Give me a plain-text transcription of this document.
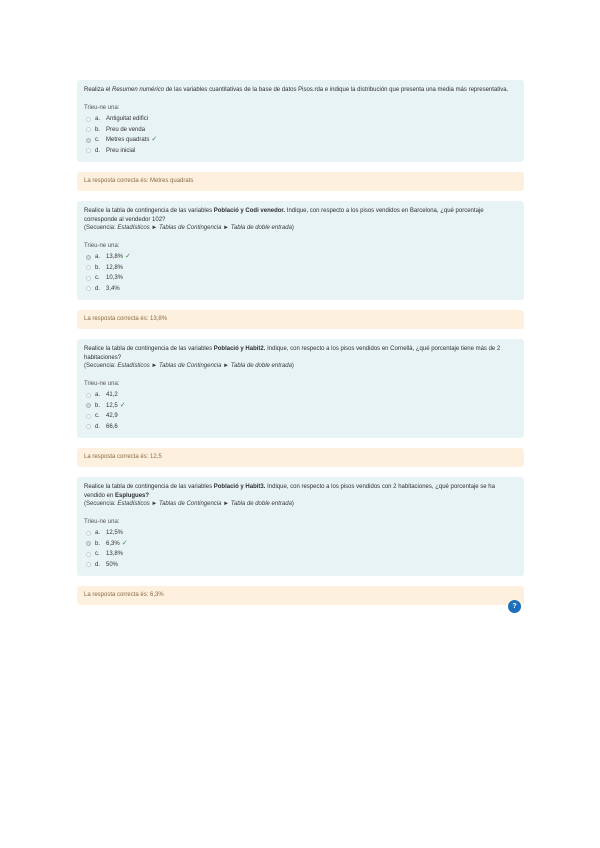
Realiza el Resumen numérico de las variables cuantitativas de la base de datos Pisos.rda e indique la distribución que presenta una media más representativa.
Trieu-ne una:
a. Antiguitat edifici
b. Preu de venda
c.	Metres quadrats ✓
d. Preu inicial
La resposta correcta és: Metres quadrats
Realice la tabla de contingencia de las variables Població y Codi venedor. Indique, con respecto a los pisos vendidos en Barcelona, ¿qué porcentaje corresponde al vendedor 102?
(Secuencia: Estadísticos ► Tablas de Contingencia ► Tabla de doble entrada)
Trieu-ne una:
a. 13,8% ✓
b. 12,8%
c.	10,3%
d. 3,4%
La resposta correcta és: 13,8%
Realice la tabla de contingencia de las variables Població y Habit2. Indique, con respecto a los pisos vendidos en Cornellà, ¿qué porcentaje tiene más de 2 habitaciones?
(Secuencia: Estadísticos ► Tablas de Contingencia ► Tabla de doble entrada)
Trieu-ne una:
a. 41,2
b. 12,5 ✓
c.	42,9
d. 66,6
La resposta correcta és: 12,5
Realice la tabla de contingencia de las variables Població y Habit3. Indique, con respecto a los pisos vendidos con 2 habitaciones, ¿qué porcentaje se ha vendido en Esplugues?
(Secuencia: Estadísticos ► Tablas de Contingencia ► Tabla de doble entrada)
Trieu-ne una:
a. 12,5%
b. 6,3% ✓
c.	13,8%
d. 50%
La resposta correcta és: 6,3%
?
